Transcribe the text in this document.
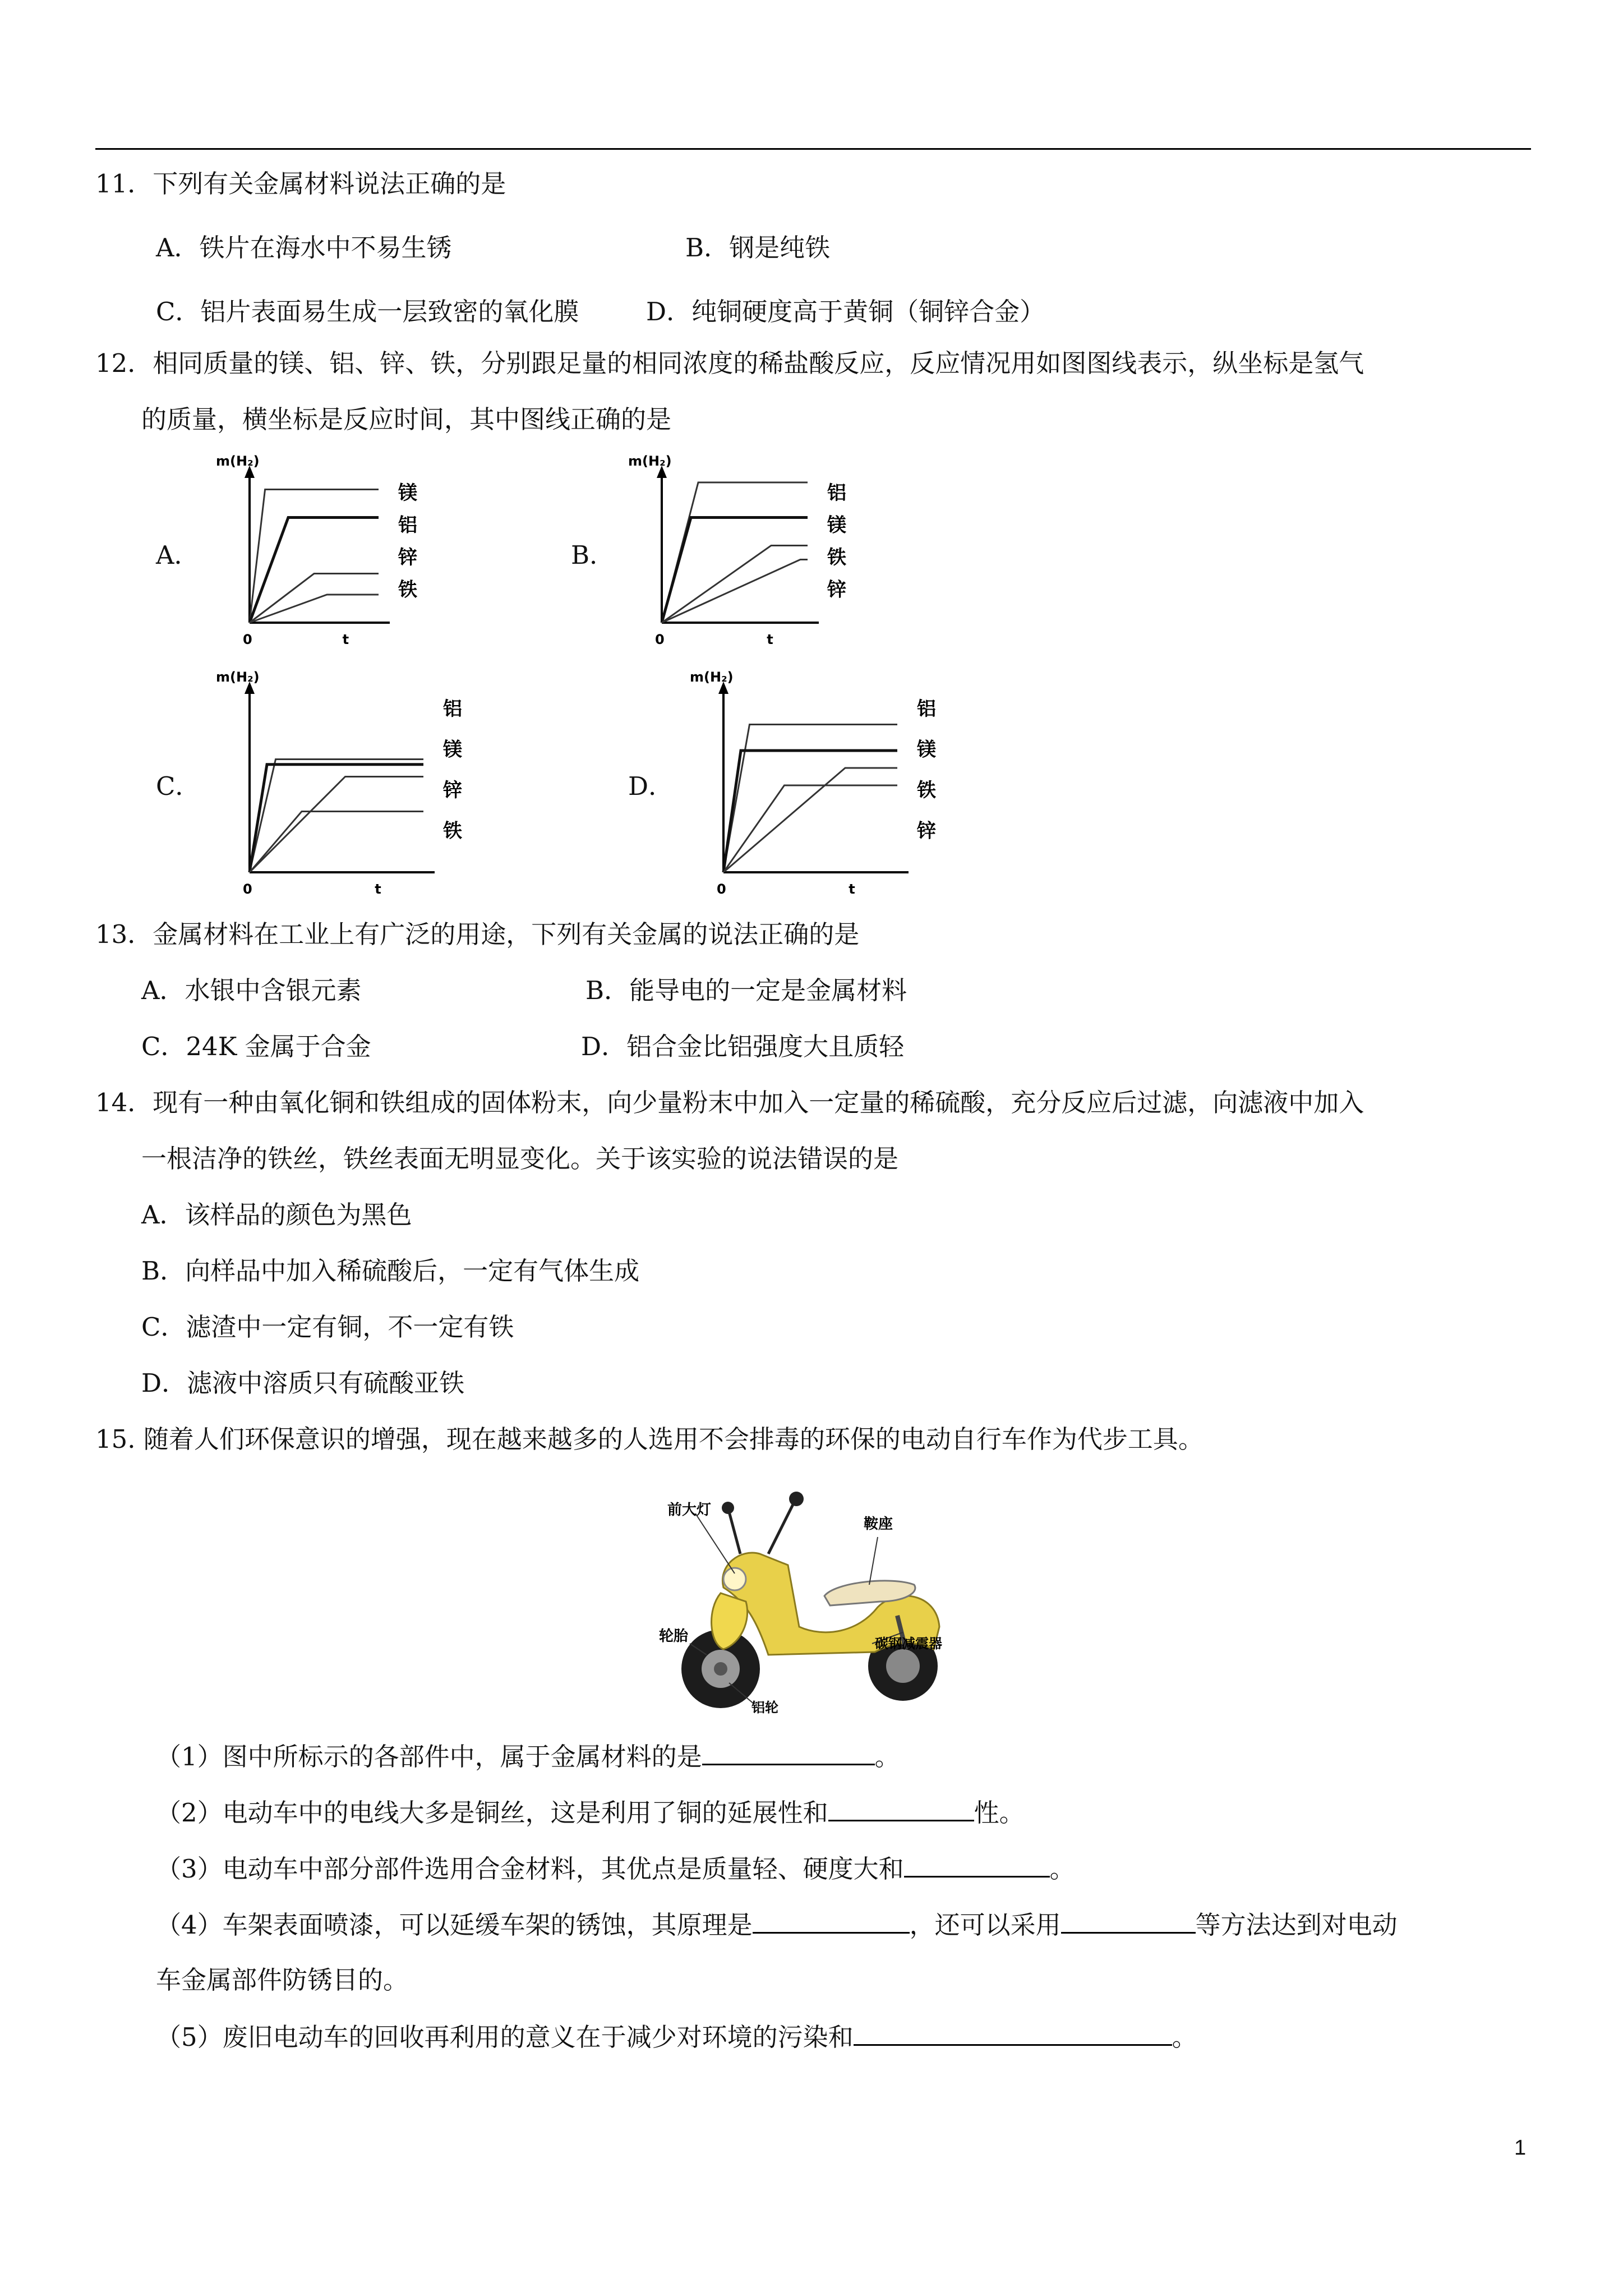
11．下列有关金属材料说法正确的是
A．铁片在海水中不易生锈	B．钢是纯铁
C．铝片表面易生成一层致密的氧化膜	D．纯铜硬度高于黄铜（铜锌合金）
12．相同质量的镁、铝、锌、铁，分别跟足量的相同浓度的稀盐酸反应，反应情况用如图图线表示，纵坐标是氢气
的质量，横坐标是反应时间，其中图线正确的是
A．	B．
C．	D．
m(H₂)
0	t
镁
铝
锌
铁
m(H₂)
0	t
铝
镁
铁
锌
m(H₂)
0	t
铝
镁
锌
铁
m(H₂)
0	t
铝
镁
铁
锌
13．金属材料在工业上有广泛的用途，下列有关金属的说法正确的是
A．水银中含银元素	B．能导电的一定是金属材料
C．24K 金属于合金	D．铝合金比铝强度大且质轻
14．现有一种由氧化铜和铁组成的固体粉末，向少量粉末中加入一定量的稀硫酸，充分反应后过滤，向滤液中加入
一根洁净的铁丝，铁丝表面无明显变化。关于该实验的说法错误的是
A．该样品的颜色为黑色
B．向样品中加入稀硫酸后，一定有气体生成
C．滤渣中一定有铜，不一定有铁
D．滤液中溶质只有硫酸亚铁
15. 随着人们环保意识的增强，现在越来越多的人选用不会排毒的环保的电动自行车作为代步工具。
前大灯
鞍座
轮胎	碳钢减震器
铝轮
（1）图中所标示的各部件中，属于金属材料的是	。
（2）电动车中的电线大多是铜丝，这是利用了铜的延展性和	性。
（3）电动车中部分部件选用合金材料，其优点是质量轻、硬度大和	。
（4）车架表面喷漆，可以延缓车架的锈蚀，其原理是	，还可以采用	等方法达到对电动
车金属部件防锈目的。
（5）废旧电动车的回收再利用的意义在于减少对环境的污染和	。
1
